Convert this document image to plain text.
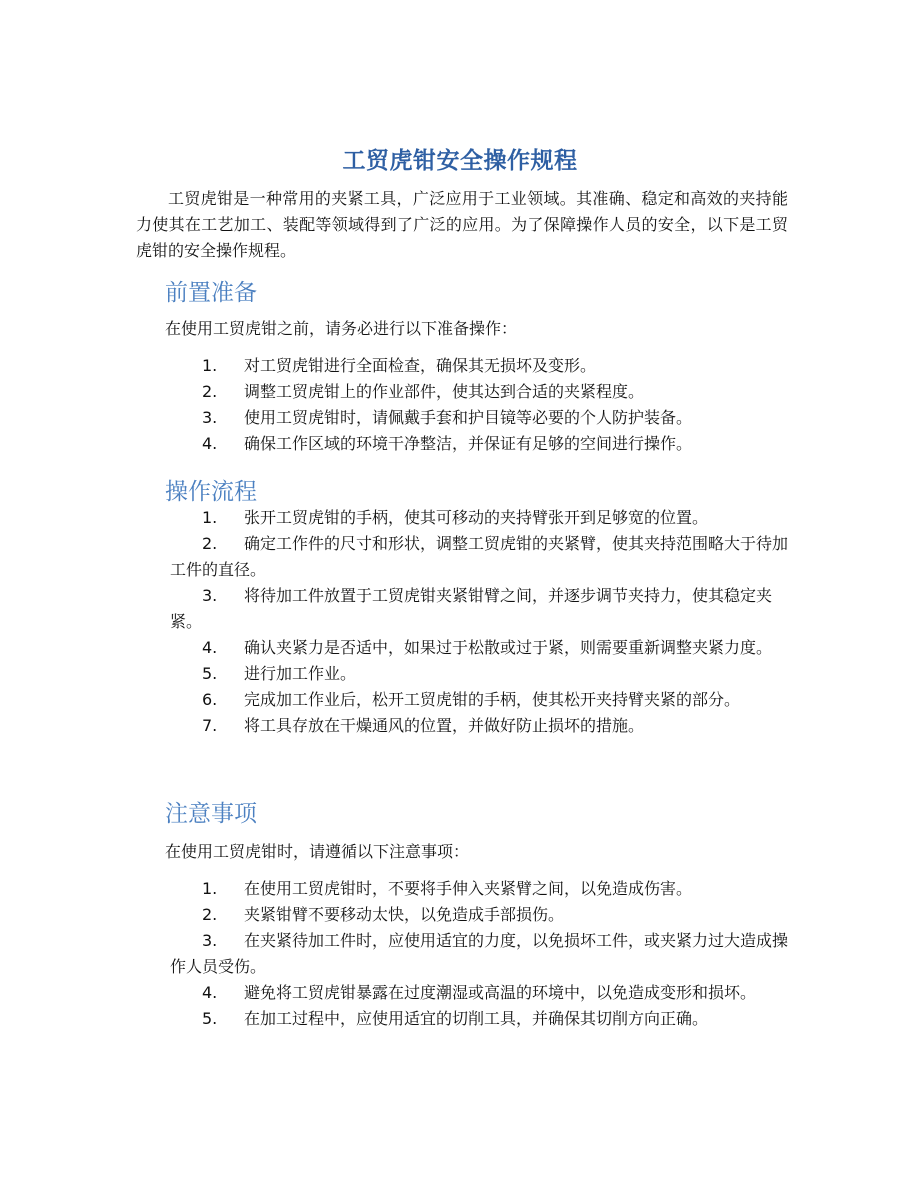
工贸虎钳安全操作规程
工贸虎钳是一种常用的夹紧工具，广泛应用于工业领域。其准确、稳定和高效的夹持能力使其在工艺加工、装配等领域得到了广泛的应用。为了保障操作人员的安全，以下是工贸虎钳的安全操作规程。
前置准备
在使用工贸虎钳之前，请务必进行以下准备操作：
1. 对工贸虎钳进行全面检查，确保其无损坏及变形。
2. 调整工贸虎钳上的作业部件，使其达到合适的夹紧程度。
3. 使用工贸虎钳时，请佩戴手套和护目镜等必要的个人防护装备。
4. 确保工作区域的环境干净整洁，并保证有足够的空间进行操作。
操作流程
1. 张开工贸虎钳的手柄，使其可移动的夹持臂张开到足够宽的位置。
2. 确定工作件的尺寸和形状，调整工贸虎钳的夹紧臂，使其夹持范围略大于待加工件的直径。
3. 将待加工件放置于工贸虎钳夹紧钳臂之间，并逐步调节夹持力，使其稳定夹紧。
4. 确认夹紧力是否适中，如果过于松散或过于紧，则需要重新调整夹紧力度。
5. 进行加工作业。
6. 完成加工作业后，松开工贸虎钳的手柄，使其松开夹持臂夹紧的部分。
7. 将工具存放在干燥通风的位置，并做好防止损坏的措施。
注意事项
在使用工贸虎钳时，请遵循以下注意事项：
1. 在使用工贸虎钳时，不要将手伸入夹紧臂之间，以免造成伤害。
2. 夹紧钳臂不要移动太快，以免造成手部损伤。
3. 在夹紧待加工件时，应使用适宜的力度，以免损坏工件，或夹紧力过大造成操作人员受伤。
4. 避免将工贸虎钳暴露在过度潮湿或高温的环境中，以免造成变形和损坏。
5. 在加工过程中，应使用适宜的切削工具，并确保其切削方向正确。
